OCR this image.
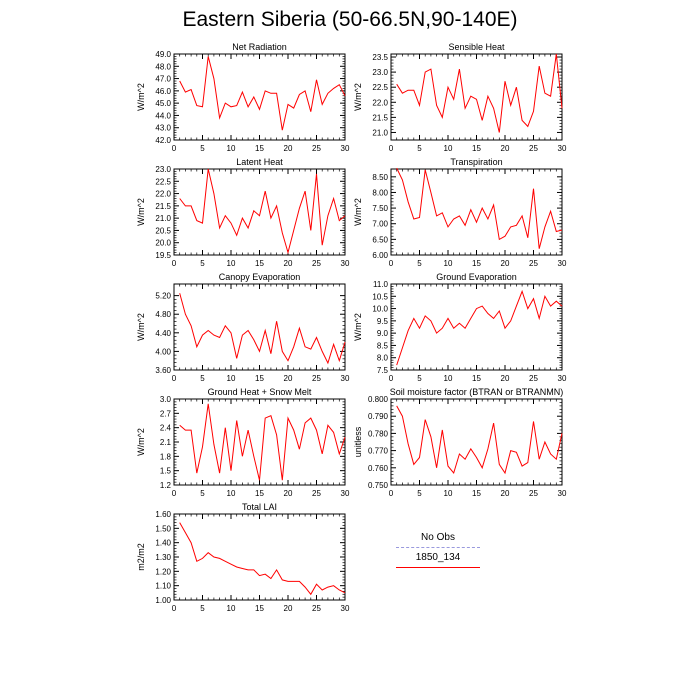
Eastern Siberia (50-66.5N,90-140E)
Net Radiation
W/m^2
0	5	10 15 20 25 30
42.0
43.0
44.0
45.0
46.0
47.0
48.0
49.0
Sensible Heat
W/m^2
0	5	10 15 20 25 30
21.0
21.5
22.0
22.5
23.0
23.5
Latent Heat
W/m^2
0	5	10 15 20 25 30
19.5
20.0
20.5
21.0
21.5
22.0
22.5
23.0
Transpiration
W/m^2
0	5	10 15 20 25 30
6.00
6.50
7.00
7.50
8.00
8.50
Canopy Evaporation
W/m^2
0	5	10 15 20 25 30
3.60
4.00
4.40
4.80
5.20
Ground Evaporation
W/m^2
0	5	10 15 20 25 30
7.5
8.0
8.5
9.0
9.5
10.0
10.5
11.0
Ground Heat + Snow Melt
W/m^2
0	5	10 15 20 25 30
1.2
1.5
1.8
2.1
2.4
2.7
3.0
Soil moisture factor (BTRAN or BTRANMN)
unitless
0	5	10 15 20 25 30
0.750
0.760
0.770
0.780
0.790
0.800
Total LAI
m2/m2
0	5	10 15 20 25 30
1.00
1.10
1.20
1.30
1.40
1.50
1.60
No Obs
1850_134
